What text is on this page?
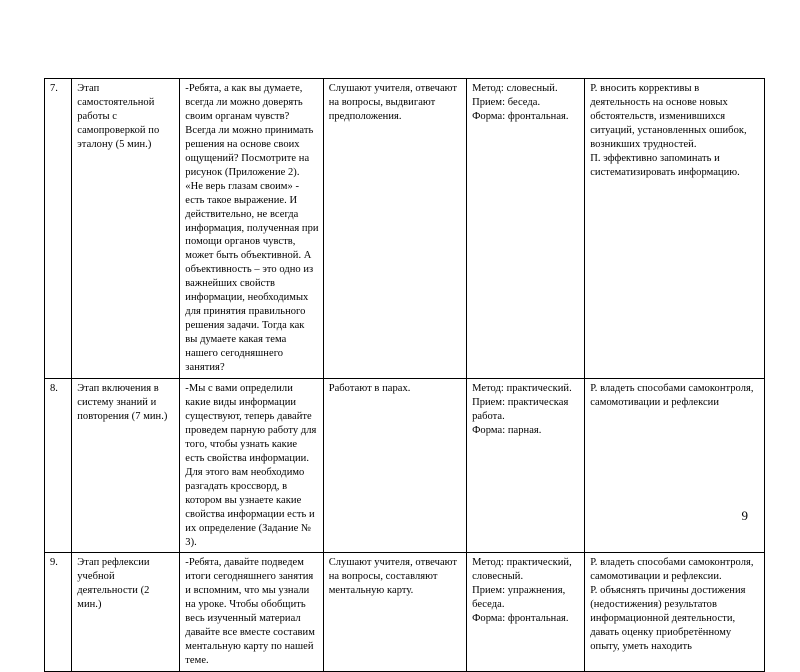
7.	Этап самостоятельной работы с самопроверкой по эталону (5 мин.)	-Ребята, а как вы думаете, всегда ли можно доверять своим органам чувств? Всегда ли можно принимать решения на основе своих ощущений? Посмотрите на рисунок (Приложение 2). «Не верь глазам своим» - есть такое выражение. И действительно, не всегда информация, полученная при помощи органов чувств, может быть объективной. А объективность – это одно из важнейших свойств информации, необходимых для принятия правильного решения задачи. Тогда как вы думаете какая тема нашего сегодняшнего занятия?	Слушают учителя, отвечают на вопросы, выдвигают предположения.	Метод: словесный.
Прием: беседа.
Форма: фронтальная.	Р. вносить коррективы в деятельность на основе новых обстоятельств, изменившихся ситуаций, установленных ошибок, возникших трудностей.
П. эффективно запоминать и систематизировать информацию.
8.	Этап включения в систему знаний и повторения (7 мин.)	-Мы с вами определили какие виды информации существуют, теперь давайте проведем парную работу для того, чтобы узнать какие есть свойства информации. Для этого вам необходимо разгадать кроссворд, в котором вы узнаете какие свойства информации есть и их определение (Задание № 3).	Работают в парах.	Метод: практический.
Прием: практическая работа.
Форма: парная.	Р. владеть способами самоконтроля, самомотивации и рефлексии
9.	Этап рефлексии учебной деятельности (2 мин.)	-Ребята, давайте подведем итоги сегодняшнего занятия и вспомним, что мы узнали на уроке. Чтобы обобщить весь изученный материал давайте все вместе составим ментальную карту по нашей теме.	Слушают учителя, отвечают на вопросы, составляют ментальную карту.	Метод: практический, словесный.
Прием: упражнения, беседа.
Форма: фронтальная.	Р. владеть способами самоконтроля, самомотивации и рефлексии.
Р. объяснять причины достижения (недостижения) результатов информационной деятельности, давать оценку приобретённому опыту, уметь находить
9
